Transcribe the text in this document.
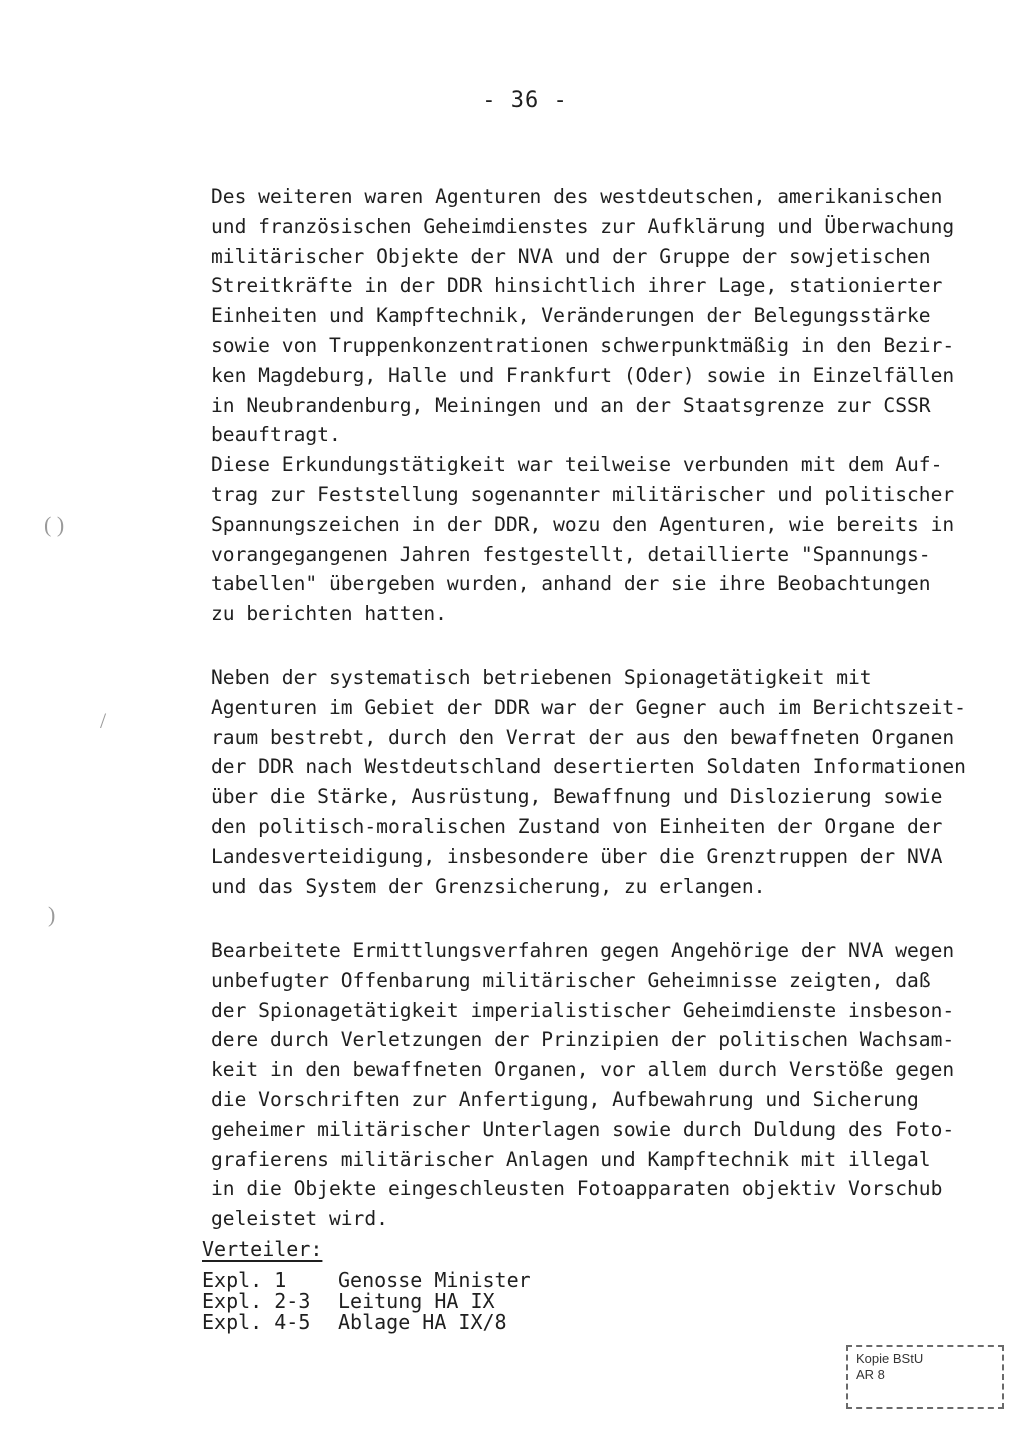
- 36 -
Des weiteren waren Agenturen des westdeutschen, amerikanischen
und französischen Geheimdienstes zur Aufklärung und Überwachung
militärischer Objekte der NVA und der Gruppe der sowjetischen
Streitkräfte in der DDR hinsichtlich ihrer Lage, stationierter
Einheiten und Kampftechnik, Veränderungen der Belegungsstärke
sowie von Truppenkonzentrationen schwerpunktmäßig in den Bezir-
ken Magdeburg, Halle und Frankfurt (Oder) sowie in Einzelfällen
in Neubrandenburg, Meiningen und an der Staatsgrenze zur CSSR
beauftragt.
Diese Erkundungstätigkeit war teilweise verbunden mit dem Auf-
trag zur Feststellung sogenannter militärischer und politischer
Spannungszeichen in der DDR, wozu den Agenturen, wie bereits in
vorangegangenen Jahren festgestellt, detaillierte "Spannungs-
tabellen" übergeben wurden, anhand der sie ihre Beobachtungen
zu berichten hatten.
Neben der systematisch betriebenen Spionagetätigkeit mit
Agenturen im Gebiet der DDR war der Gegner auch im Berichtszeit-
raum bestrebt, durch den Verrat der aus den bewaffneten Organen
der DDR nach Westdeutschland desertierten Soldaten Informationen
über die Stärke, Ausrüstung, Bewaffnung und Dislozierung sowie
den politisch-moralischen Zustand von Einheiten der Organe der
Landesverteidigung, insbesondere über die Grenztruppen der NVA
und das System der Grenzsicherung, zu erlangen.
Bearbeitete Ermittlungsverfahren gegen Angehörige der NVA wegen
unbefugter Offenbarung militärischer Geheimnisse zeigten, daß
der Spionagetätigkeit imperialistischer Geheimdienste insbeson-
dere durch Verletzungen der Prinzipien der politischen Wachsam-
keit in den bewaffneten Organen, vor allem durch Verstöße gegen
die Vorschriften zur Anfertigung, Aufbewahrung und Sicherung
geheimer militärischer Unterlagen sowie durch Duldung des Foto-
grafierens militärischer Anlagen und Kampftechnik mit illegal
in die Objekte eingeschleusten Fotoapparaten objektiv Vorschub
geleistet wird.
Verteiler:
Expl. 1	Genosse Minister
Expl. 2-3 Leitung HA IX
Expl. 4-5 Ablage HA IX/8
Kopie BStU
AR 8
( )
/
)
